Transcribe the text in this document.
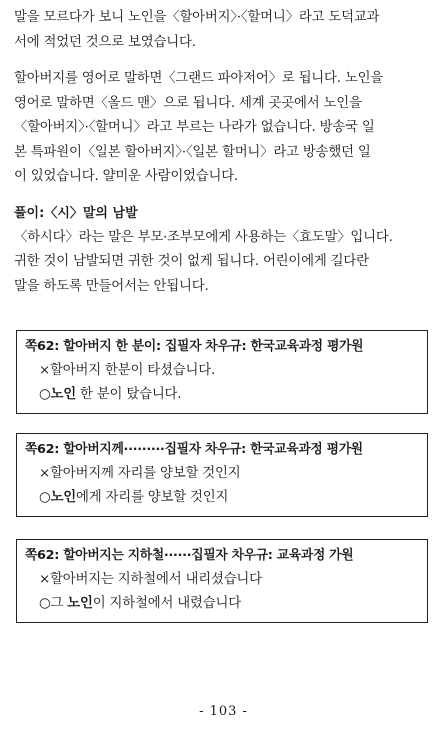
말을 모르다가 보니 노인을〈할아버지〉·〈할머니〉라고 도덕교과
서에 적었던 것으로 보였습니다.

할아버지를 영어로 말하면〈그랜드 파아저어〉로 됩니다. 노인을
영어로 말하면〈올드 맨〉으로 됩니다. 세계 곳곳에서 노인을
〈할아버지〉·〈할머니〉라고 부르는 나라가 없습니다. 방송국 일
본 특파원이〈일본 할아버지〉·〈일본 할머니〉라고 방송했던 일
이 있었습니다. 얄미운 사람이었습니다.

풀이:〈시〉말의 남발

〈하시다〉라는 말은 부모·조부모에게 사용하는〈효도말〉입니다.
귀한 것이 남발되면 귀한 것이 없게 됩니다. 어린이에게 길다란
말을 하도록 만들어서는 안됩니다.

쪽62: 할아버지 한 분이: 집필자 차우규: 한국교육과정 평가원
×할아버지 한분이 타셨습니다.
○노인 한 분이 탔습니다.
쪽62: 할아버지께·········집필자 차우규: 한국교육과정 평가원
×할아버지께 자리를 양보할 것인지
○노인에게 자리를 양보할 것인지
쪽62: 할아버지는 지하철······집필자 차우규: 교육과정 가원
×할아버지는 지하철에서 내리셨습니다
○그 노인이 지하철에서 내렸습니다
- 103 -
